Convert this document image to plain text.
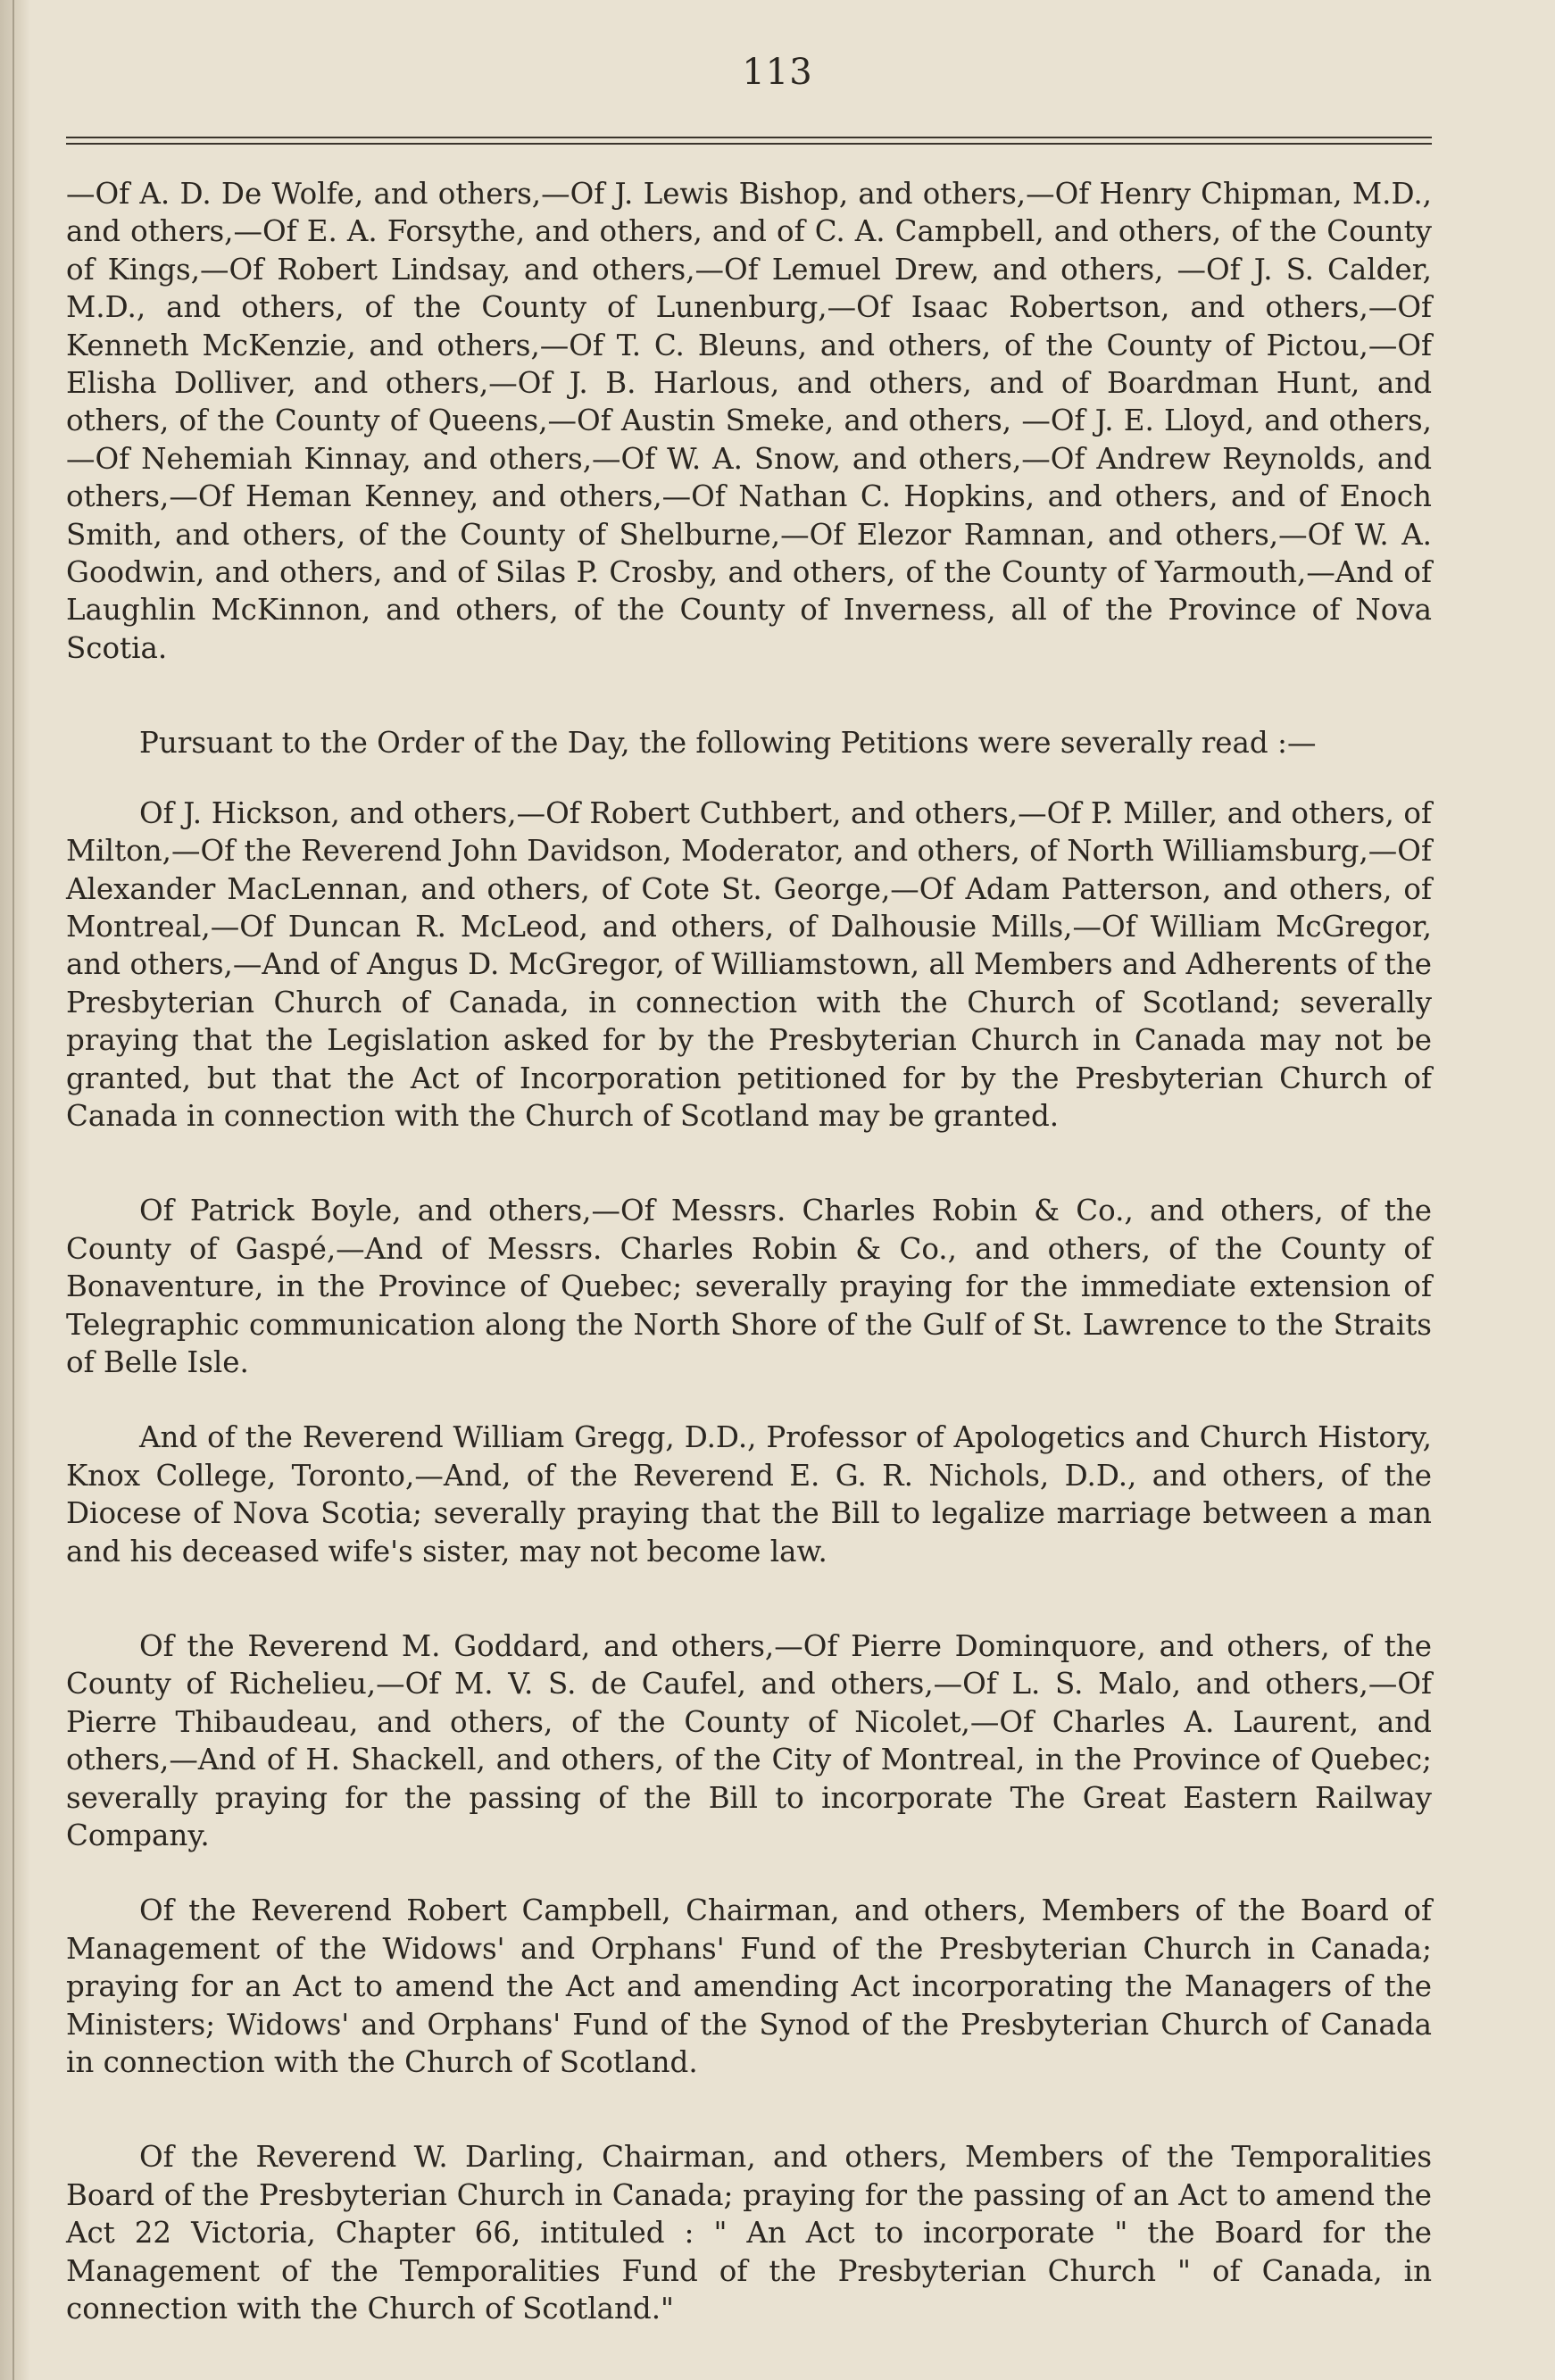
113

—Of A. D. De Wolfe, and others,—Of J. Lewis Bishop, and others,—Of Henry Chipman, M.D., and others,—Of E. A. Forsythe, and others, and of C. A. Campbell, and others, of the County of Kings,—Of Robert Lindsay, and others,—Of Lemuel Drew, and others, —Of J. S. Calder, M.D., and others, of the County of Lunenburg,—Of Isaac Robertson, and others,—Of Kenneth McKenzie, and others,—Of T. C. Bleuns, and others, of the County of Pictou,—Of Elisha Dolliver, and others,—Of J. B. Harlous, and others, and of Boardman Hunt, and others, of the County of Queens,—Of Austin Smeke, and others, —Of J. E. Lloyd, and others,—Of Nehemiah Kinnay, and others,—Of W. A. Snow, and others,—Of Andrew Reynolds, and others,—Of Heman Kenney, and others,—Of Nathan C. Hopkins, and others, and of Enoch Smith, and others, of the County of Shelburne,—Of Elezor Ramnan, and others,—Of W. A. Goodwin, and others, and of Silas P. Crosby, and others, of the County of Yarmouth,—And of Laughlin McKinnon, and others, of the County of Inverness, all of the Province of Nova Scotia.

Pursuant to the Order of the Day, the following Petitions were severally read :—

Of J. Hickson, and others,—Of Robert Cuthbert, and others,—Of P. Miller, and others, of Milton,—Of the Reverend John Davidson, Moderator, and others, of North Williamsburg,—Of Alexander MacLennan, and others, of Cote St. George,—Of Adam Patterson, and others, of Montreal,—Of Duncan R. McLeod, and others, of Dalhousie Mills,—Of William McGregor, and others,—And of Angus D. McGregor, of Williamstown, all Members and Adherents of the Presbyterian Church of Canada, in connection with the Church of Scotland; severally praying that the Legislation asked for by the Presbyterian Church in Canada may not be granted, but that the Act of Incorporation petitioned for by the Presbyterian Church of Canada in connection with the Church of Scotland may be granted.

Of Patrick Boyle, and others,—Of Messrs. Charles Robin & Co., and others, of the County of Gaspé,—And of Messrs. Charles Robin & Co., and others, of the County of Bonaventure, in the Province of Quebec; severally praying for the immediate extension of Telegraphic communication along the North Shore of the Gulf of St. Lawrence to the Straits of Belle Isle.

And of the Reverend William Gregg, D.D., Professor of Apologetics and Church History, Knox College, Toronto,—And, of the Reverend E. G. R. Nichols, D.D., and others, of the Diocese of Nova Scotia; severally praying that the Bill to legalize marriage between a man and his deceased wife's sister, may not become law.

Of the Reverend M. Goddard, and others,—Of Pierre Dominquore, and others, of the County of Richelieu,—Of M. V. S. de Caufel, and others,—Of L. S. Malo, and others,—Of Pierre Thibaudeau, and others, of the County of Nicolet,—Of Charles A. Laurent, and others,—And of H. Shackell, and others, of the City of Montreal, in the Province of Quebec; severally praying for the passing of the Bill to incorporate The Great Eastern Railway Company.

Of the Reverend Robert Campbell, Chairman, and others, Members of the Board of Management of the Widows' and Orphans' Fund of the Presbyterian Church in Canada; praying for an Act to amend the Act and amending Act incorporating the Managers of the Ministers; Widows' and Orphans' Fund of the Synod of the Presbyterian Church of Canada in connection with the Church of Scotland.

Of the Reverend W. Darling, Chairman, and others, Members of the Temporalities Board of the Presbyterian Church in Canada; praying for the passing of an Act to amend the Act 22 Victoria, Chapter 66, intituled : " An Act to incorporate " the Board for the Management of the Temporalities Fund of the Presbyterian Church " of Canada, in connection with the Church of Scotland."
